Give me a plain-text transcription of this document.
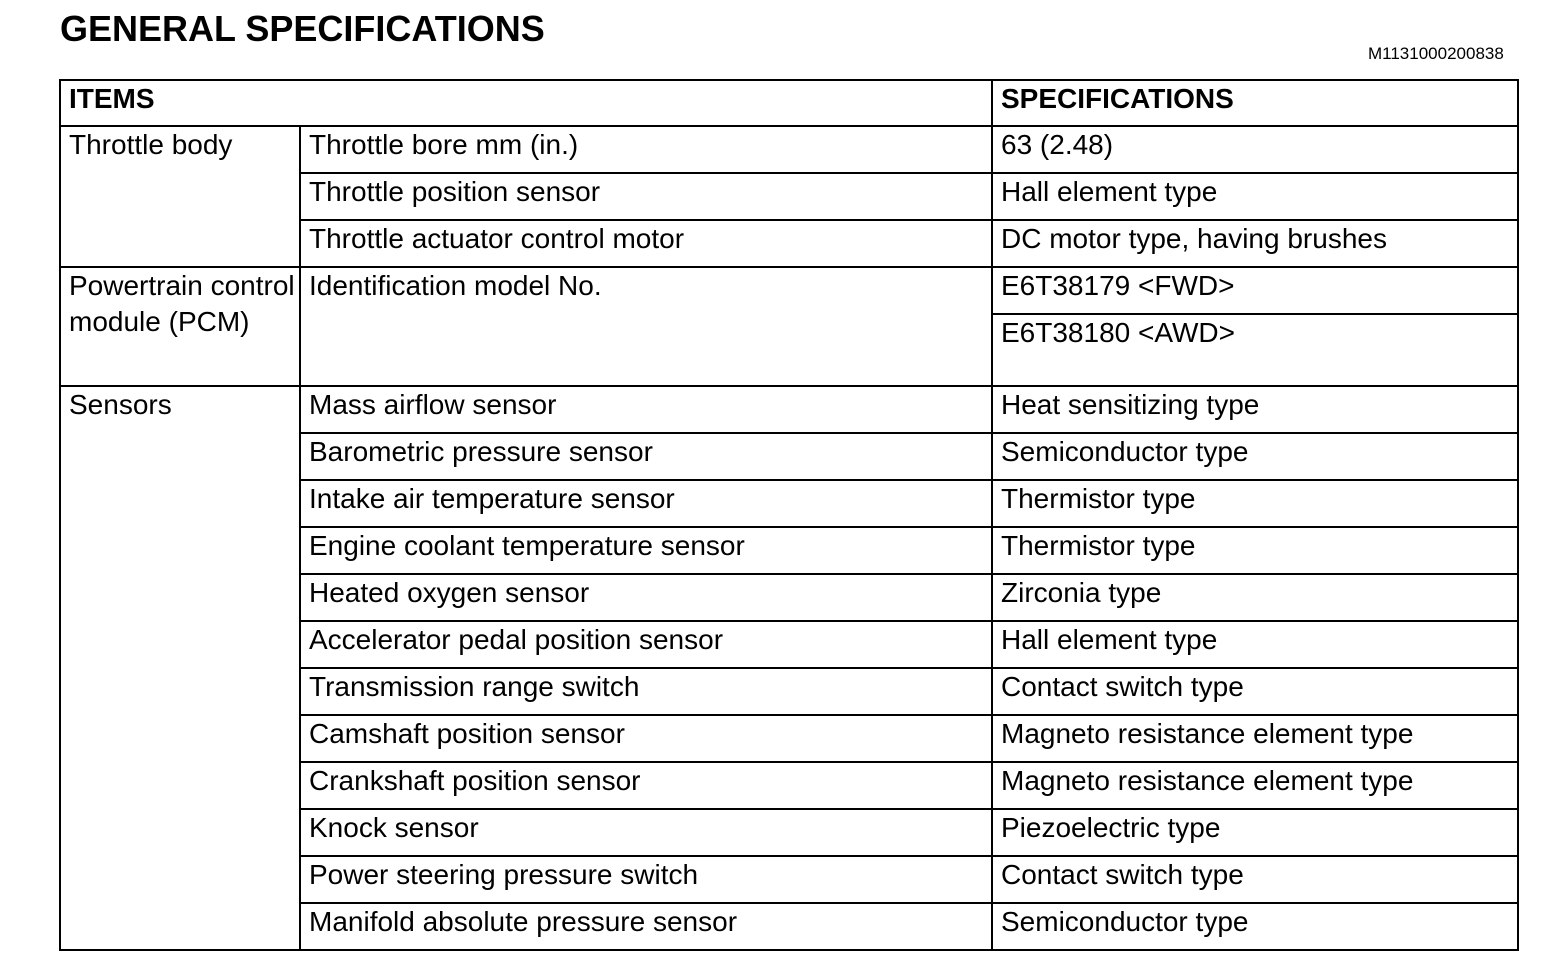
GENERAL SPECIFICATIONS
M1131000200838
ITEMS		SPECIFICATIONS
Throttle body	Throttle bore mm (in.)	63 (2.48)
	Throttle position sensor	Hall element type
	Throttle actuator control motor	DC motor type, having brushes
Powertrain control module (PCM)	Identification model No.	E6T38179 <FWD>
		E6T38180 <AWD>
Sensors	Mass airflow sensor	Heat sensitizing type
	Barometric pressure sensor	Semiconductor type
	Intake air temperature sensor	Thermistor type
	Engine coolant temperature sensor	Thermistor type
	Heated oxygen sensor	Zirconia type
	Accelerator pedal position sensor	Hall element type
	Transmission range switch	Contact switch type
	Camshaft position sensor	Magneto resistance element type
	Crankshaft position sensor	Magneto resistance element type
	Knock sensor	Piezoelectric type
	Power steering pressure switch	Contact switch type
	Manifold absolute pressure sensor	Semiconductor type
